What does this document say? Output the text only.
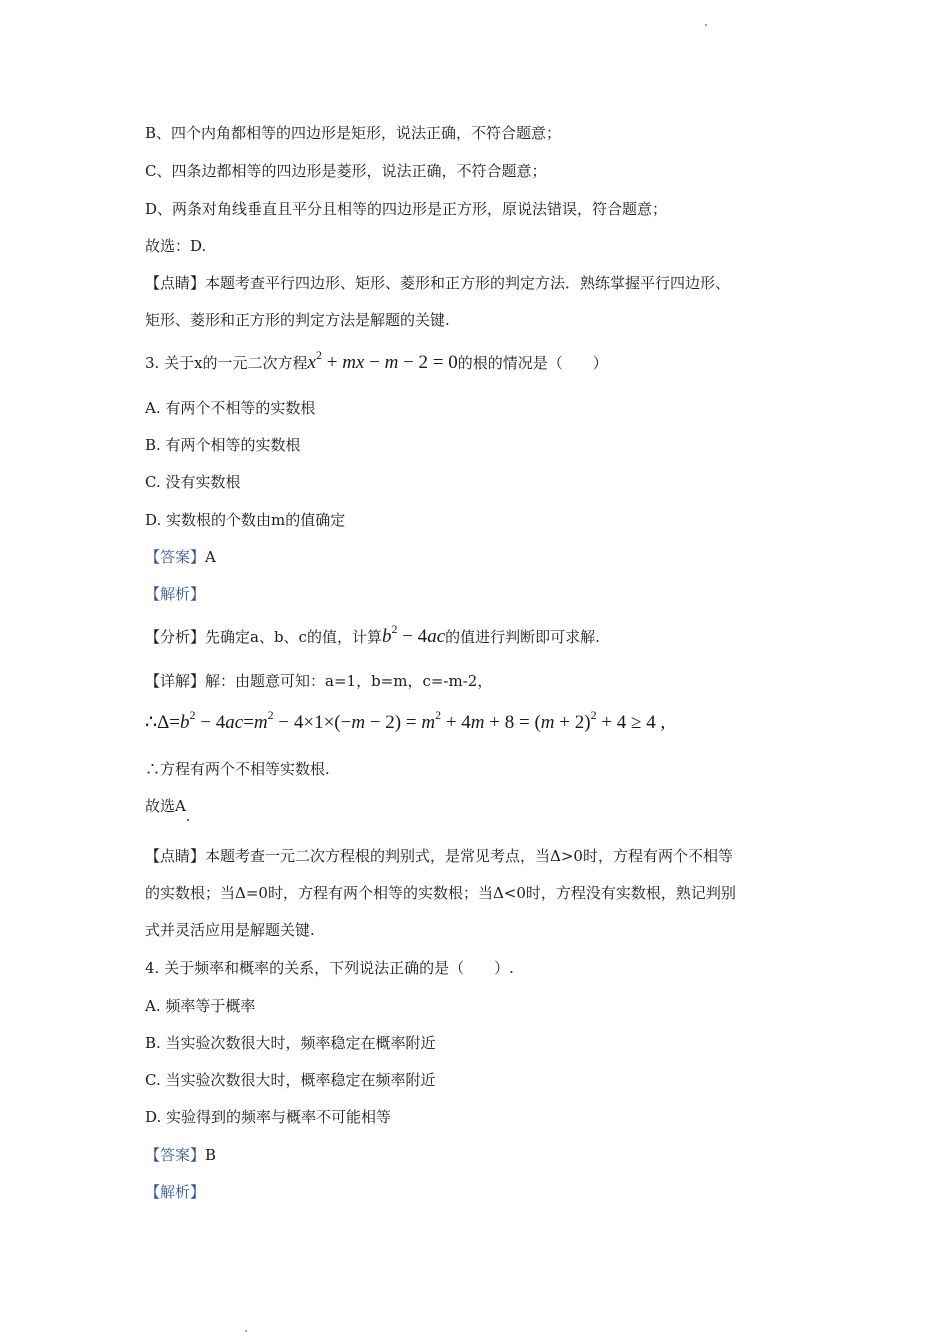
B、四个内角都相等的四边形是矩形，说法正确，不符合题意；
C、四条边都相等的四边形是菱形，说法正确，不符合题意；
D、两条对角线垂直且平分且相等的四边形是正方形，原说法错误，符合题意；
故选：D.
【点睛】本题考查平行四边形、矩形、菱形和正方形的判定方法．熟练掌握平行四边形、
矩形、菱形和正方形的判定方法是解题的关键.
3. 关于x的一元二次方程$x^2$ + mx − m − 2 = 0的根的情况是（　　）
A. 有两个不相等的实数根
B. 有两个相等的实数根
C. 没有实数根
D. 实数根的个数由m的值确定
【答案】A
【解析】
【分析】先确定a、b、c的值，计算$b^2 - 4ac$的值进行判断即可求解.
【详解】解：由题意可知：a=1，b=m，c=-m-2，
$\therefore\Delta=b^2 - 4ac=m^2 - 4\times 1\times(-m - 2) = m^2 + 4m + 8 = (m + 2)^2 + 4 \ge 4$ ,
∴方程有两个不相等实数根.
故选A
【点睛】本题考查一元二次方程根的判别式，是常见考点，当Δ>0时，方程有两个不相等
的实数根；当Δ=0时，方程有两个相等的实数根；当Δ<0时，方程没有实数根，熟记判别
式并灵活应用是解题关键.
4. 关于频率和概率的关系，下列说法正确的是（　　）.
A. 频率等于概率
B. 当实验次数很大时，频率稳定在概率附近
C. 当实验次数很大时，概率稳定在频率附近
D. 实验得到的频率与概率不可能相等
【答案】B
【解析】
